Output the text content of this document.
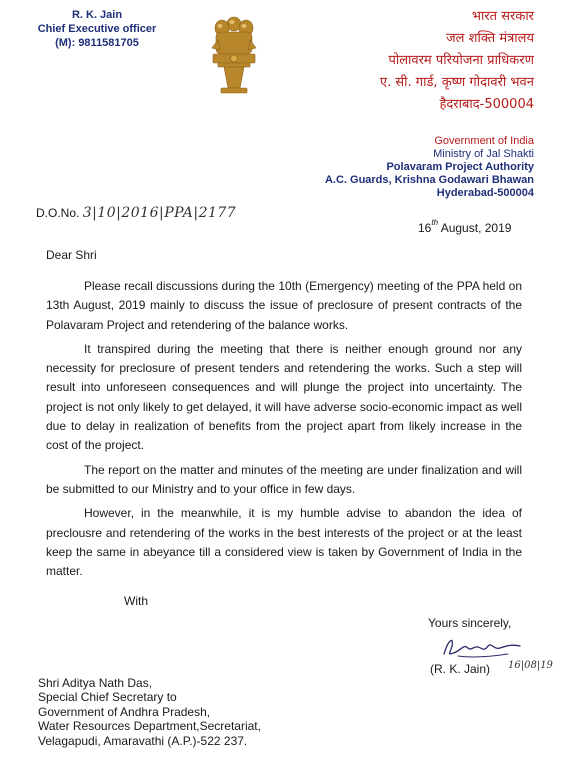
R. K. Jain
Chief Executive officer
(M): 9811581705
भारत सरकार
जल शक्ति मंत्रालय
पोलावरम परियोजना प्राधिकरण
ए. सी. गार्ड, कृष्ण गोदावरी भवन
हैदराबाद-500004
Government of India
Ministry of Jal Shakti
Polavaram Project Authority
A.C. Guards, Krishna Godawari Bhawan
Hyderabad-500004
D.O.No. 3|10|2016|PPA|2177
16th August, 2019
Dear Shri

Please recall discussions during the 10th (Emergency) meeting of the PPA held on 13th August, 2019 mainly to discuss the issue of preclosure of present contracts of the Polavaram Project and retendering of the balance works.

It transpired during the meeting that there is neither enough ground nor any necessity for preclosure of present tenders and retendering the works. Such a step will result into unforeseen consequences and will plunge the project into uncertainty. The project is not only likely to get delayed, it will have adverse socio-economic impact as well due to delay in realization of benefits from the project apart from likely increase in the cost of the project.

The report on the matter and minutes of the meeting are under finalization and will be submitted to our Ministry and to your office in few days.

However, in the meanwhile, it is my humble advise to abandon the idea of preclousre and retendering of the works in the best interests of the project or at the least keep the same in abeyance till a considered view is taken by Government of India in the matter.

With
Yours sincerely,
(R. K. Jain) 16|08|19
Shri Aditya Nath Das,
Special Chief Secretary to
Government of Andhra Pradesh,
Water Resources Department,Secretariat,
Velagapudi, Amaravathi (A.P.)-522 237.
